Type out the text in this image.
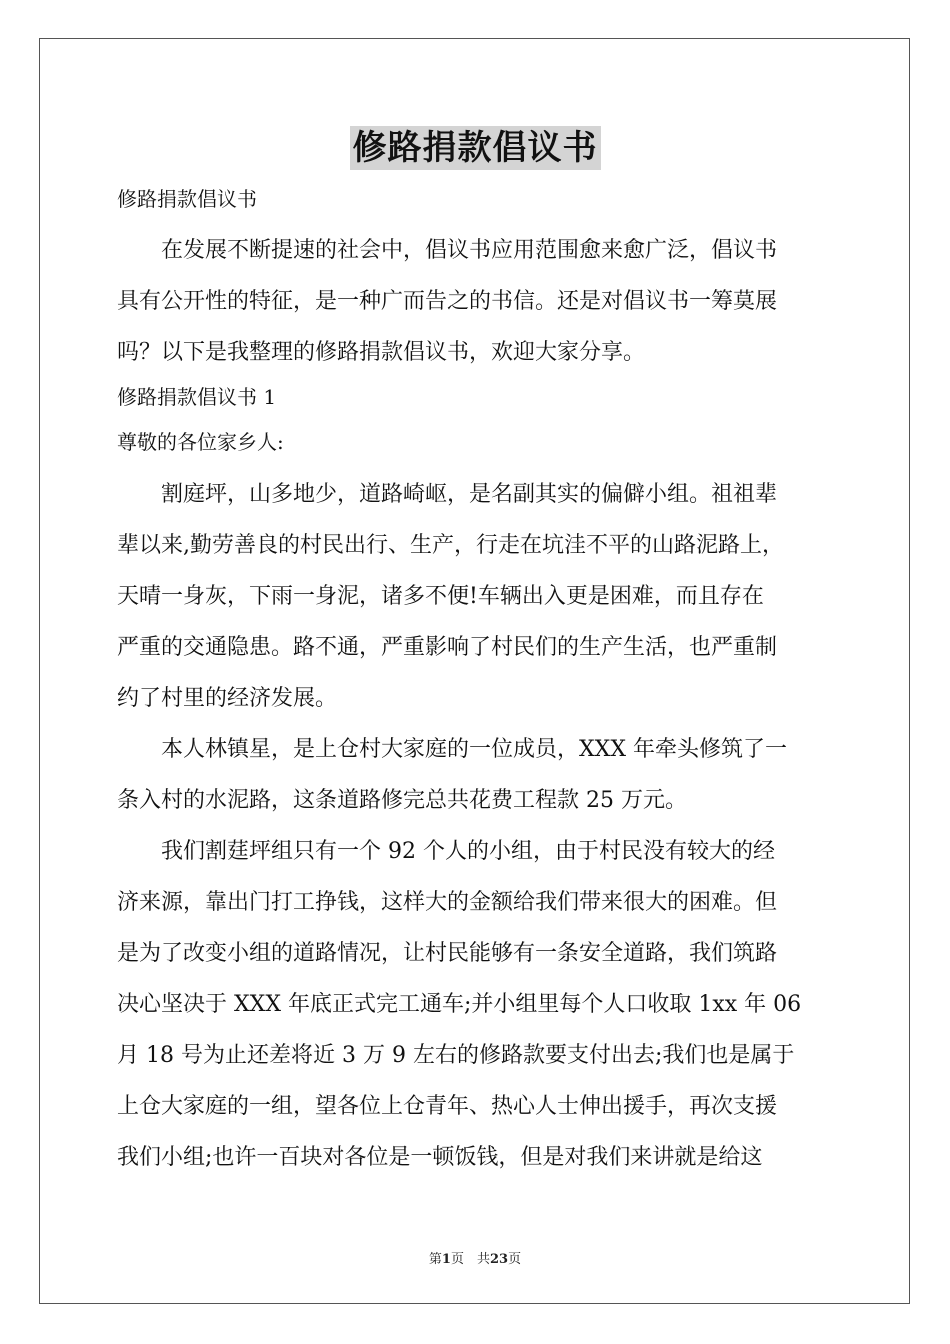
修路捐款倡议书
修路捐款倡议书
　　在发展不断提速的社会中，倡议书应用范围愈来愈广泛，倡议书
具有公开性的特征，是一种广而告之的书信。还是对倡议书一筹莫展
吗？以下是我整理的修路捐款倡议书，欢迎大家分享。
修路捐款倡议书 1
尊敬的各位家乡人:
　　割庭坪，山多地少，道路崎岖，是名副其实的偏僻小组。祖祖辈
辈以来,勤劳善良的村民出行、生产，行走在坑洼不平的山路泥路上，
天晴一身灰，下雨一身泥，诸多不便!车辆出入更是困难，而且存在
严重的交通隐患。路不通，严重影响了村民们的生产生活，也严重制
约了村里的经济发展。
　　本人林镇星，是上仓村大家庭的一位成员，XXX 年牵头修筑了一
条入村的水泥路，这条道路修完总共花费工程款 25 万元。
　　我们割莛坪组只有一个 92 个人的小组，由于村民没有较大的经
济来源，靠出门打工挣钱，这样大的金额给我们带来很大的困难。但
是为了改变小组的道路情况，让村民能够有一条安全道路，我们筑路
决心坚决于 XXX 年底正式完工通车;并小组里每个人口收取 1xx 年 06
月 18 号为止还差将近 3 万 9 左右的修路款要支付出去;我们也是属于
上仓大家庭的一组，望各位上仓青年、热心人士伸出援手，再次支援
我们小组;也许一百块对各位是一顿饭钱，但是对我们来讲就是给这
第1页　共23页
